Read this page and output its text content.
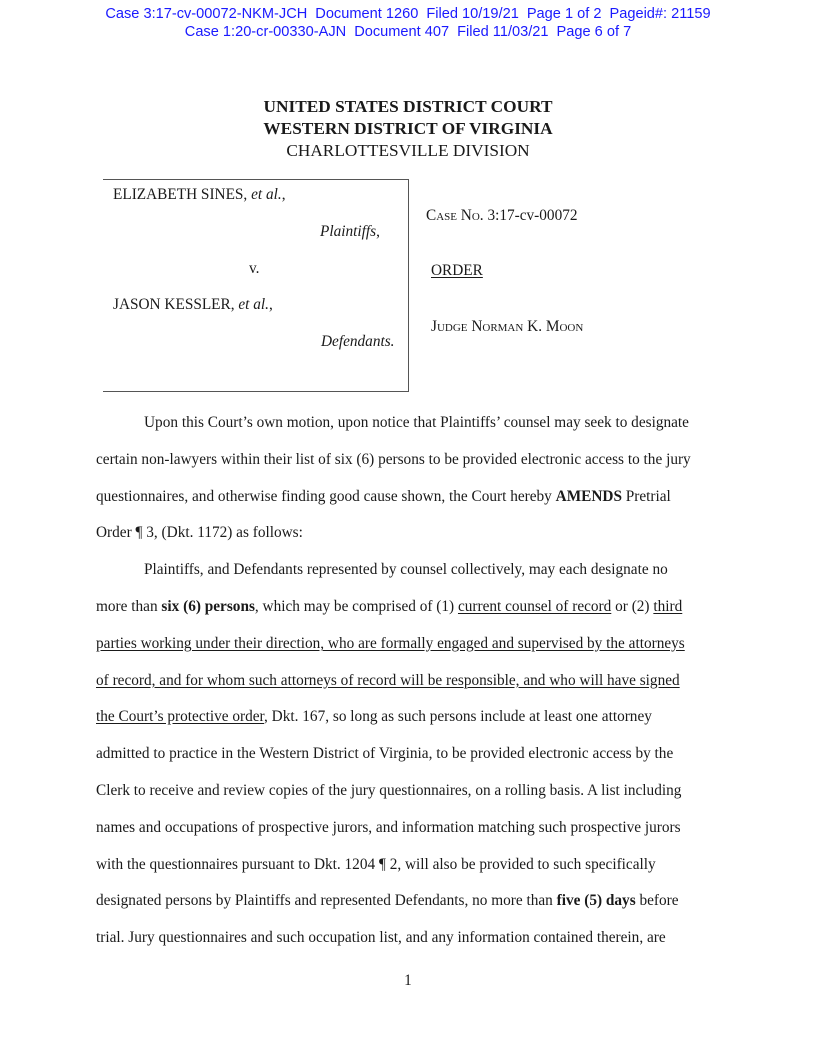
Case 3:17-cv-00072-NKM-JCH Document 1260 Filed 10/19/21 Page 1 of 2 Pageid#: 21159
Case 1:20-cr-00330-AJN Document 407 Filed 11/03/21 Page 6 of 7
UNITED STATES DISTRICT COURT
WESTERN DISTRICT OF VIRGINIA
CHARLOTTESVILLE DIVISION
ELIZABETH SINES, et al.,
Plaintiffs,
v.
JASON KESSLER, et al.,
Defendants.
Case No. 3:17-cv-00072
ORDER
Judge Norman K. Moon

Upon this Court’s own motion, upon notice that Plaintiffs’ counsel may seek to designate
certain non-lawyers within their list of six (6) persons to be provided electronic access to the jury
questionnaires, and otherwise finding good cause shown, the Court hereby AMENDS Pretrial
Order ¶ 3, (Dkt. 1172) as follows:

Plaintiffs, and Defendants represented by counsel collectively, may each designate no
more than six (6) persons, which may be comprised of (1) current counsel of record or (2) third
parties working under their direction, who are formally engaged and supervised by the attorneys
of record, and for whom such attorneys of record will be responsible, and who will have signed
the Court’s protective order, Dkt. 167, so long as such persons include at least one attorney
admitted to practice in the Western District of Virginia, to be provided electronic access by the
Clerk to receive and review copies of the jury questionnaires, on a rolling basis. A list including
names and occupations of prospective jurors, and information matching such prospective jurors
with the questionnaires pursuant to Dkt. 1204 ¶ 2, will also be provided to such specifically
designated persons by Plaintiffs and represented Defendants, no more than five (5) days before
trial. Jury questionnaires and such occupation list, and any information contained therein, are

1
